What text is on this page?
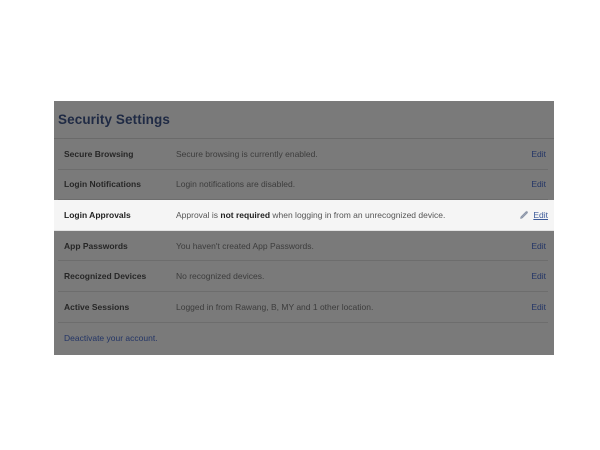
Security Settings
Secure Browsing	Secure browsing is currently enabled.	Edit
Login Notifications	Login notifications are disabled.	Edit
Login Approvals	Approval is not required when logging in from an unrecognized device.	Edit
App Passwords	You haven't created App Passwords.	Edit
Recognized Devices	No recognized devices.	Edit
Active Sessions	Logged in from Rawang, B, MY and 1 other location.	Edit
Deactivate your account.
